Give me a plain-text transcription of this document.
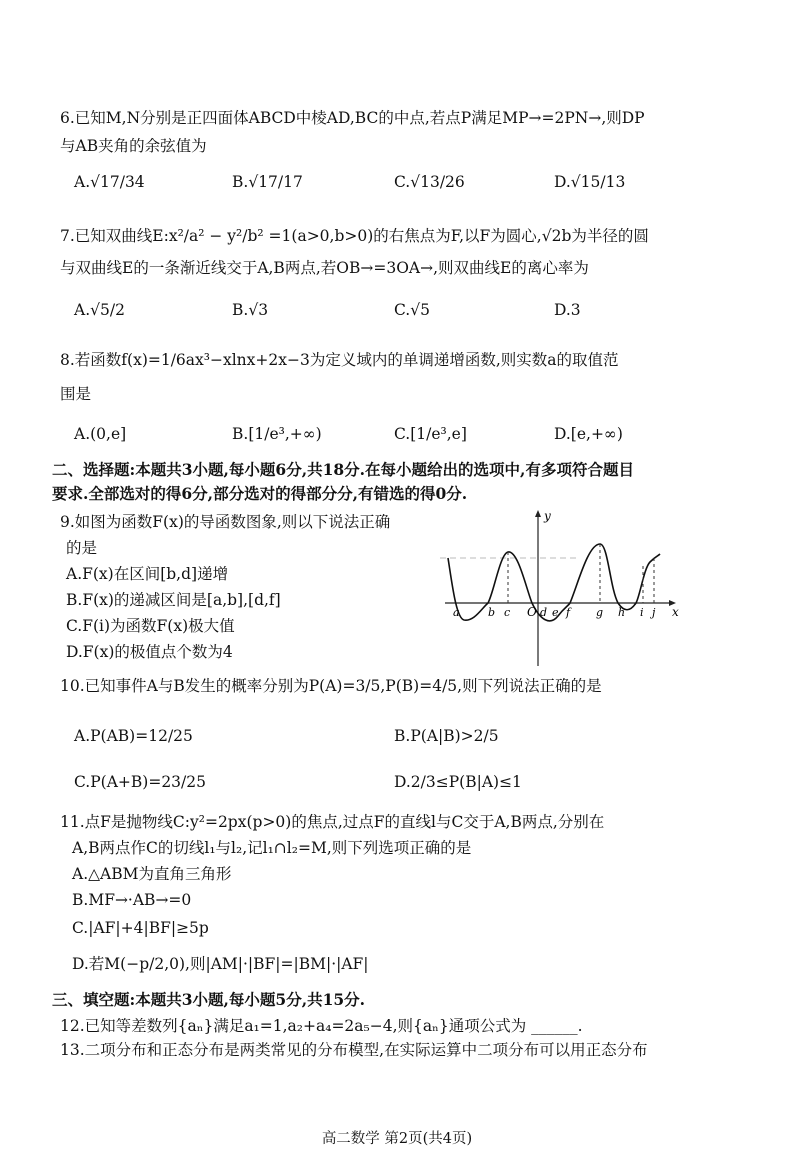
6.已知M,N分别是正四面体ABCD中棱AD,BC的中点,若点P满足MP→=2PN→,则DP
与AB夹角的余弦值为
A.√17/34	B.√17/17	C.√13/26	D.√15/13
7.已知双曲线E:x²/a² − y²/b² =1(a>0,b>0)的右焦点为F,以F为圆心,√2b为半径的圆
与双曲线E的一条渐近线交于A,B两点,若OB→=3OA→,则双曲线E的离心率为
A.√5/2	B.√3	C.√5	D.3
8.若函数f(x)=1/6ax³−xlnx+2x−3为定义域内的单调递增函数,则实数a的取值范
围是
A.(0,e]	B.[1/e³,+∞)	C.[1/e³,e]	D.[e,+∞)
二、选择题:本题共3小题,每小题6分,共18分.在每小题给出的选项中,有多项符合题目
要求.全部选对的得6分,部分选对的得部分分,有错选的得0分.
9.如图为函数F(x)的导函数图象,则以下说法正确
的是
A.F(x)在区间[b,d]递增
B.F(x)的递减区间是[a,b],[d,f]
C.F(i)为函数F(x)极大值
D.F(x)的极值点个数为4
y
x
O
a	b c	d e f g h i j
10.已知事件A与B发生的概率分别为P(A)=3/5,P(B)=4/5,则下列说法正确的是
A.P(AB)=12/25	B.P(A|B)>2/5
C.P(A+B)=23/25	D.2/3≤P(B|A)≤1
11.点F是抛物线C:y²=2px(p>0)的焦点,过点F的直线l与C交于A,B两点,分别在
A,B两点作C的切线l₁与l₂,记l₁∩l₂=M,则下列选项正确的是
A.△ABM为直角三角形
B.MF→·AB→=0
C.|AF|+4|BF|≥5p
D.若M(−p/2,0),则|AM|·|BF|=|BM|·|AF|
三、填空题:本题共3小题,每小题5分,共15分.
12.已知等差数列{aₙ}满足a₁=1,a₂+a₄=2a₅−4,则{aₙ}通项公式为 ______.
13.二项分布和正态分布是两类常见的分布模型,在实际运算中二项分布可以用正态分布
高二数学 第2页(共4页)
